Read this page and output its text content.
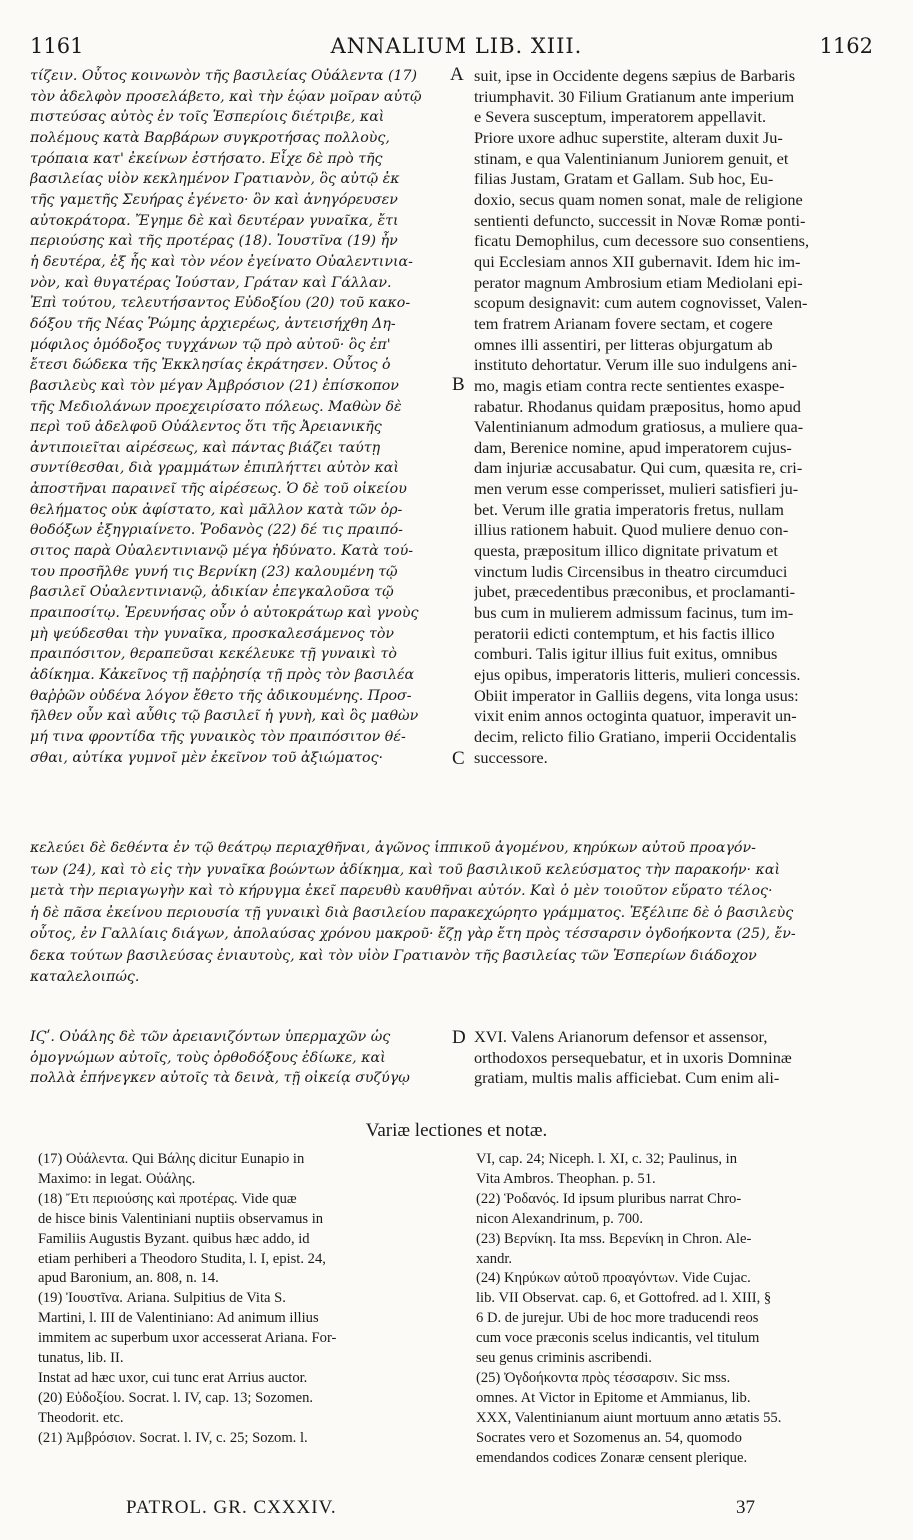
1161	ANNALIUM LIB. XIII.	1162
τίζειν. Οὗτος κοινωνὸν τῆς βασιλείας Οὐάλεντα (17)
τὸν ἀδελφὸν προσελάβετο, καὶ τὴν ἑῴαν μοῖραν αὐτῷ
πιστεύσας αὐτὸς ἐν τοῖς Ἑσπερίοις διέτριβε, καὶ
πολέμους κατὰ Βαρβάρων συγκροτήσας πολλοὺς,
τρόπαια κατ' ἐκείνων ἐστήσατο. Εἶχε δὲ πρὸ τῆς
βασιλείας υἱὸν κεκλημένον Γρατιανὸν, ὃς αὐτῷ ἐκ
τῆς γαμετῆς Σευήρας ἐγένετο· ὃν καὶ ἀνηγόρευσεν
αὐτοκράτορα. Ἔγημε δὲ καὶ δευτέραν γυναῖκα, ἔτι
περιούσης καὶ τῆς προτέρας (18). Ἰουστῖνα (19) ἦν
ἡ δευτέρα, ἐξ ἧς καὶ τὸν νέον ἐγείνατο Οὐαλεντινια-
νὸν, καὶ θυγατέρας Ἰούσταν, Γράταν καὶ Γάλλαν.
Ἐπὶ τούτου, τελευτήσαντος Εὐδοξίου (20) τοῦ κακο-
δόξου τῆς Νέας Ῥώμης ἀρχιερέως, ἀντεισήχθη Δη-
μόφιλος ὁμόδοξος τυγχάνων τῷ πρὸ αὐτοῦ· ὃς ἐπ'
ἔτεσι δώδεκα τῆς Ἐκκλησίας ἐκράτησεν. Οὗτος ὁ
βασιλεὺς καὶ τὸν μέγαν Ἀμβρόσιον (21) ἐπίσκοπον
τῆς Μεδιολάνων προεχειρίσατο πόλεως. Μαθὼν δὲ
περὶ τοῦ ἀδελφοῦ Οὐάλεντος ὅτι τῆς Ἀρειανικῆς
ἀντιποιεῖται αἱρέσεως, καὶ πάντας βιάζει ταύτῃ
συντίθεσθαι, διὰ γραμμάτων ἐπιπλήττει αὐτὸν καὶ
ἀποστῆναι παραινεῖ τῆς αἱρέσεως. Ὁ δὲ τοῦ οἰκείου
θελήματος οὐκ ἀφίστατο, καὶ μᾶλλον κατὰ τῶν ὀρ-
θοδόξων ἐξηγριαίνετο. Ῥοδανὸς (22) δέ τις πραιπό-
σιτος παρὰ Οὐαλεντινιανῷ μέγα ἠδύνατο. Κατὰ τού-
του προσῆλθε γυνή τις Βερνίκη (23) καλουμένη τῷ
βασιλεῖ Οὐαλεντινιανῷ, ἀδικίαν ἐπεγκαλοῦσα τῷ
πραιποσίτῳ. Ἐρευνήσας οὖν ὁ αὐτοκράτωρ καὶ γνοὺς
μὴ ψεύδεσθαι τὴν γυναῖκα, προσκαλεσάμενος τὸν
πραιπόσιτον, θεραπεῦσαι κεκέλευκε τῇ γυναικὶ τὸ
ἀδίκημα. Κἀκεῖνος τῇ παῤῥησίᾳ τῇ πρὸς τὸν βασιλέα
θαῤῥῶν οὐδένα λόγον ἔθετο τῆς ἀδικουμένης. Προσ-
ῆλθεν οὖν καὶ αὖθις τῷ βασιλεῖ ἡ γυνὴ, καὶ ὃς μαθὼν
μή τινα φροντίδα τῆς γυναικὸς τὸν πραιπόσιτον θέ-
σθαι, αὐτίκα γυμνοῖ μὲν ἐκεῖνον τοῦ ἀξιώματος·
suit, ipse in Occidente degens sæpius de Barbaris
triumphavit. 30 Filium Gratianum ante imperium
e Severa susceptum, imperatorem appellavit.
Priore uxore adhuc superstite, alteram duxit Ju-
stinam, e qua Valentinianum Juniorem genuit, et
filias Justam, Gratam et Gallam. Sub hoc, Eu-
doxio, secus quam nomen sonat, male de religione
sentienti defuncto, successit in Novæ Romæ ponti-
ficatu Demophilus, cum decessore suo consentiens,
qui Ecclesiam annos XII gubernavit. Idem hic im-
perator magnum Ambrosium etiam Mediolani epi-
scopum designavit: cum autem cognovisset, Valen-
tem fratrem Arianam fovere sectam, et cogere
omnes illi assentiri, per litteras objurgatum ab
instituto dehortatur. Verum ille suo indulgens ani-
mo, magis etiam contra recte sentientes exaspe-
rabatur. Rhodanus quidam præpositus, homo apud
Valentinianum admodum gratiosus, a muliere qua-
dam, Berenice nomine, apud imperatorem cujus-
dam injuriæ accusabatur. Qui cum, quæsita re, cri-
men verum esse comperisset, mulieri satisfieri ju-
bet. Verum ille gratia imperatoris fretus, nullam
illius rationem habuit. Quod muliere denuo con-
questa, præpositum illico dignitate privatum et
vinctum ludis Circensibus in theatro circumduci
jubet, præcedentibus præconibus, et proclamanti-
bus cum in mulierem admissum facinus, tum im-
peratorii edicti contemptum, et his factis illico
comburi. Talis igitur illius fuit exitus, omnibus
ejus opibus, imperatoris litteris, mulieri concessis.
Obiit imperator in Galliis degens, vita longa usus:
vixit enim annos octoginta quatuor, imperavit un-
decim, relicto filio Gratiano, imperii Occidentalis
successore.
A
B
C
D
κελεύει δὲ δεθέντα ἐν τῷ θεάτρῳ περιαχθῆναι, ἀγῶνος ἱππικοῦ ἀγομένου, κηρύκων αὐτοῦ προαγόν-
των (24), καὶ τὸ εἰς τὴν γυναῖκα βοώντων ἀδίκημα, καὶ τοῦ βασιλικοῦ κελεύσματος τὴν παρακοήν· καὶ
μετὰ τὴν περιαγωγὴν καὶ τὸ κήρυγμα ἐκεῖ παρευθὺ καυθῆναι αὐτόν. Καὶ ὁ μὲν τοιοῦτον εὕρατο τέλος·
ἡ δὲ πᾶσα ἐκείνου περιουσία τῇ γυναικὶ διὰ βασιλείου παρακεχώρητο γράμματος. Ἐξέλιπε δὲ ὁ βασιλεὺς
οὗτος, ἐν Γαλλίαις διάγων, ἀπολαύσας χρόνου μακροῦ· ἔζῃ γὰρ ἔτη πρὸς τέσσαρσιν ὀγδοήκοντα (25), ἔν-
δεκα τούτων βασιλεύσας ἐνιαυτοὺς, καὶ τὸν υἱὸν Γρατιανὸν τῆς βασιλείας τῶν Ἑσπερίων διάδοχον
καταλελοιπώς.
ΙϚʹ. Οὐάλης δὲ τῶν ἀρειανιζόντων ὑπερμαχῶν ὡς
ὁμογνώμων αὐτοῖς, τοὺς ὀρθοδόξους ἐδίωκε, καὶ
πολλὰ ἐπήνεγκεν αὐτοῖς τὰ δεινὰ, τῇ οἰκείᾳ συζύγῳ
XVI. Valens Arianorum defensor et assensor,
orthodoxos persequebatur, et in uxoris Domninæ
gratiam, multis malis afficiebat. Cum enim ali-
Variæ lectiones et notæ.
(17) Οὐάλεντα. Qui Βάλης dicitur Eunapio in
Maximo: in legat. Οὐάλης.
(18) Ἔτι περιούσης καὶ προτέρας. Vide quæ
de hisce binis Valentiniani nuptiis observamus in
Familiis Augustis Byzant. quibus hæc addo, id
etiam perhiberi a Theodoro Studita, l. I, epist. 24,
apud Baronium, an. 808, n. 14.
(19) Ἰουστῖνα. Ariana. Sulpitius de Vita S.
Martini, l. III de Valentiniano: Ad animum illius
immitem ac superbum uxor accesserat Ariana. For-
tunatus, lib. II.
Instat ad hæc uxor, cui tunc erat Arrius auctor.
(20) Εὐδοξίου. Socrat. l. IV, cap. 13; Sozomen.
Theodorit. etc.
(21) Ἀμβρόσιον. Socrat. l. IV, c. 25; Sozom. l.
VI, cap. 24; Niceph. l. XI, c. 32; Paulinus, in
Vita Ambros. Theophan. p. 51.
(22) Ῥοδανός. Id ipsum pluribus narrat Chro-
nicon Alexandrinum, p. 700.
(23) Βερνίκη. Ita mss. Βερενίκη in Chron. Ale-
xandr.
(24) Κηρύκων αὐτοῦ προαγόντων. Vide Cujac.
lib. VII Observat. cap. 6, et Gottofred. ad l. XIII, §
6 D. de jurejur. Ubi de hoc more traducendi reos
cum voce præconis scelus indicantis, vel titulum
seu genus criminis ascribendi.
(25) Ὀγδοήκοντα πρὸς τέσσαρσιν. Sic mss.
omnes. At Victor in Epitome et Ammianus, lib.
XXX, Valentinianum aiunt mortuum anno ætatis 55.
Socrates vero et Sozomenus an. 54, quomodo
emendandos codices Zonaræ censent plerique.
PATROL. GR. CXXXIV.	37
